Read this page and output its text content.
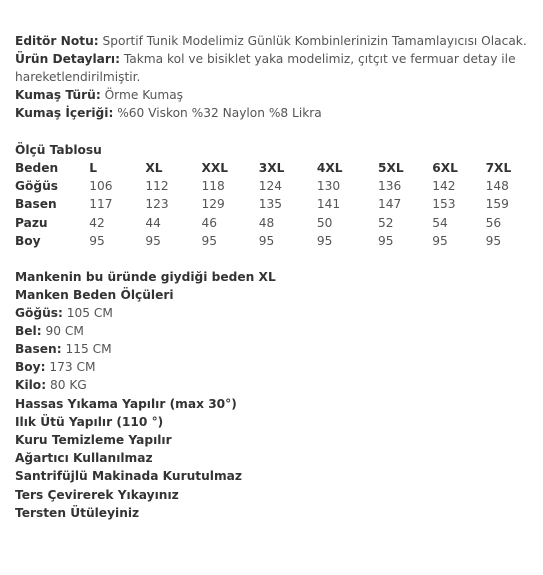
Editör Notu: Sportif Tunik Modelimiz Günlük Kombinlerinizin Tamamlayıcısı Olacak.
Ürün Detayları: Takma kol ve bisiklet yaka modelimiz, çıtçıt ve fermuar detay ile hareketlendirilmiştir.
Kumaş Türü: Örme Kumaş
Kumaş İçeriği: %60 Viskon %32 Naylon %8 Likra
Ölçü Tablosu
Beden	L	XL	XXL	3XL	4XL	5XL	6XL	7XL
Göğüs	106	112	118	124	130	136	142	148
Basen	117	123	129	135	141	147	153	159
Pazu	42	44	46	48	50	52	54	56
Boy	95	95	95	95	95	95	95	95
Mankenin bu üründe giydiği beden XL
Manken Beden Ölçüleri
Göğüs: 105 CM
Bel: 90 CM
Basen: 115 CM
Boy: 173 CM
Kilo: 80 KG
Hassas Yıkama Yapılır (max 30°)
Ilık Ütü Yapılır (110 °)
Kuru Temizleme Yapılır
Ağartıcı Kullanılmaz
Santrifüjlü Makinada Kurutulmaz
Ters Çevirerek Yıkayınız
Tersten Ütüleyiniz
